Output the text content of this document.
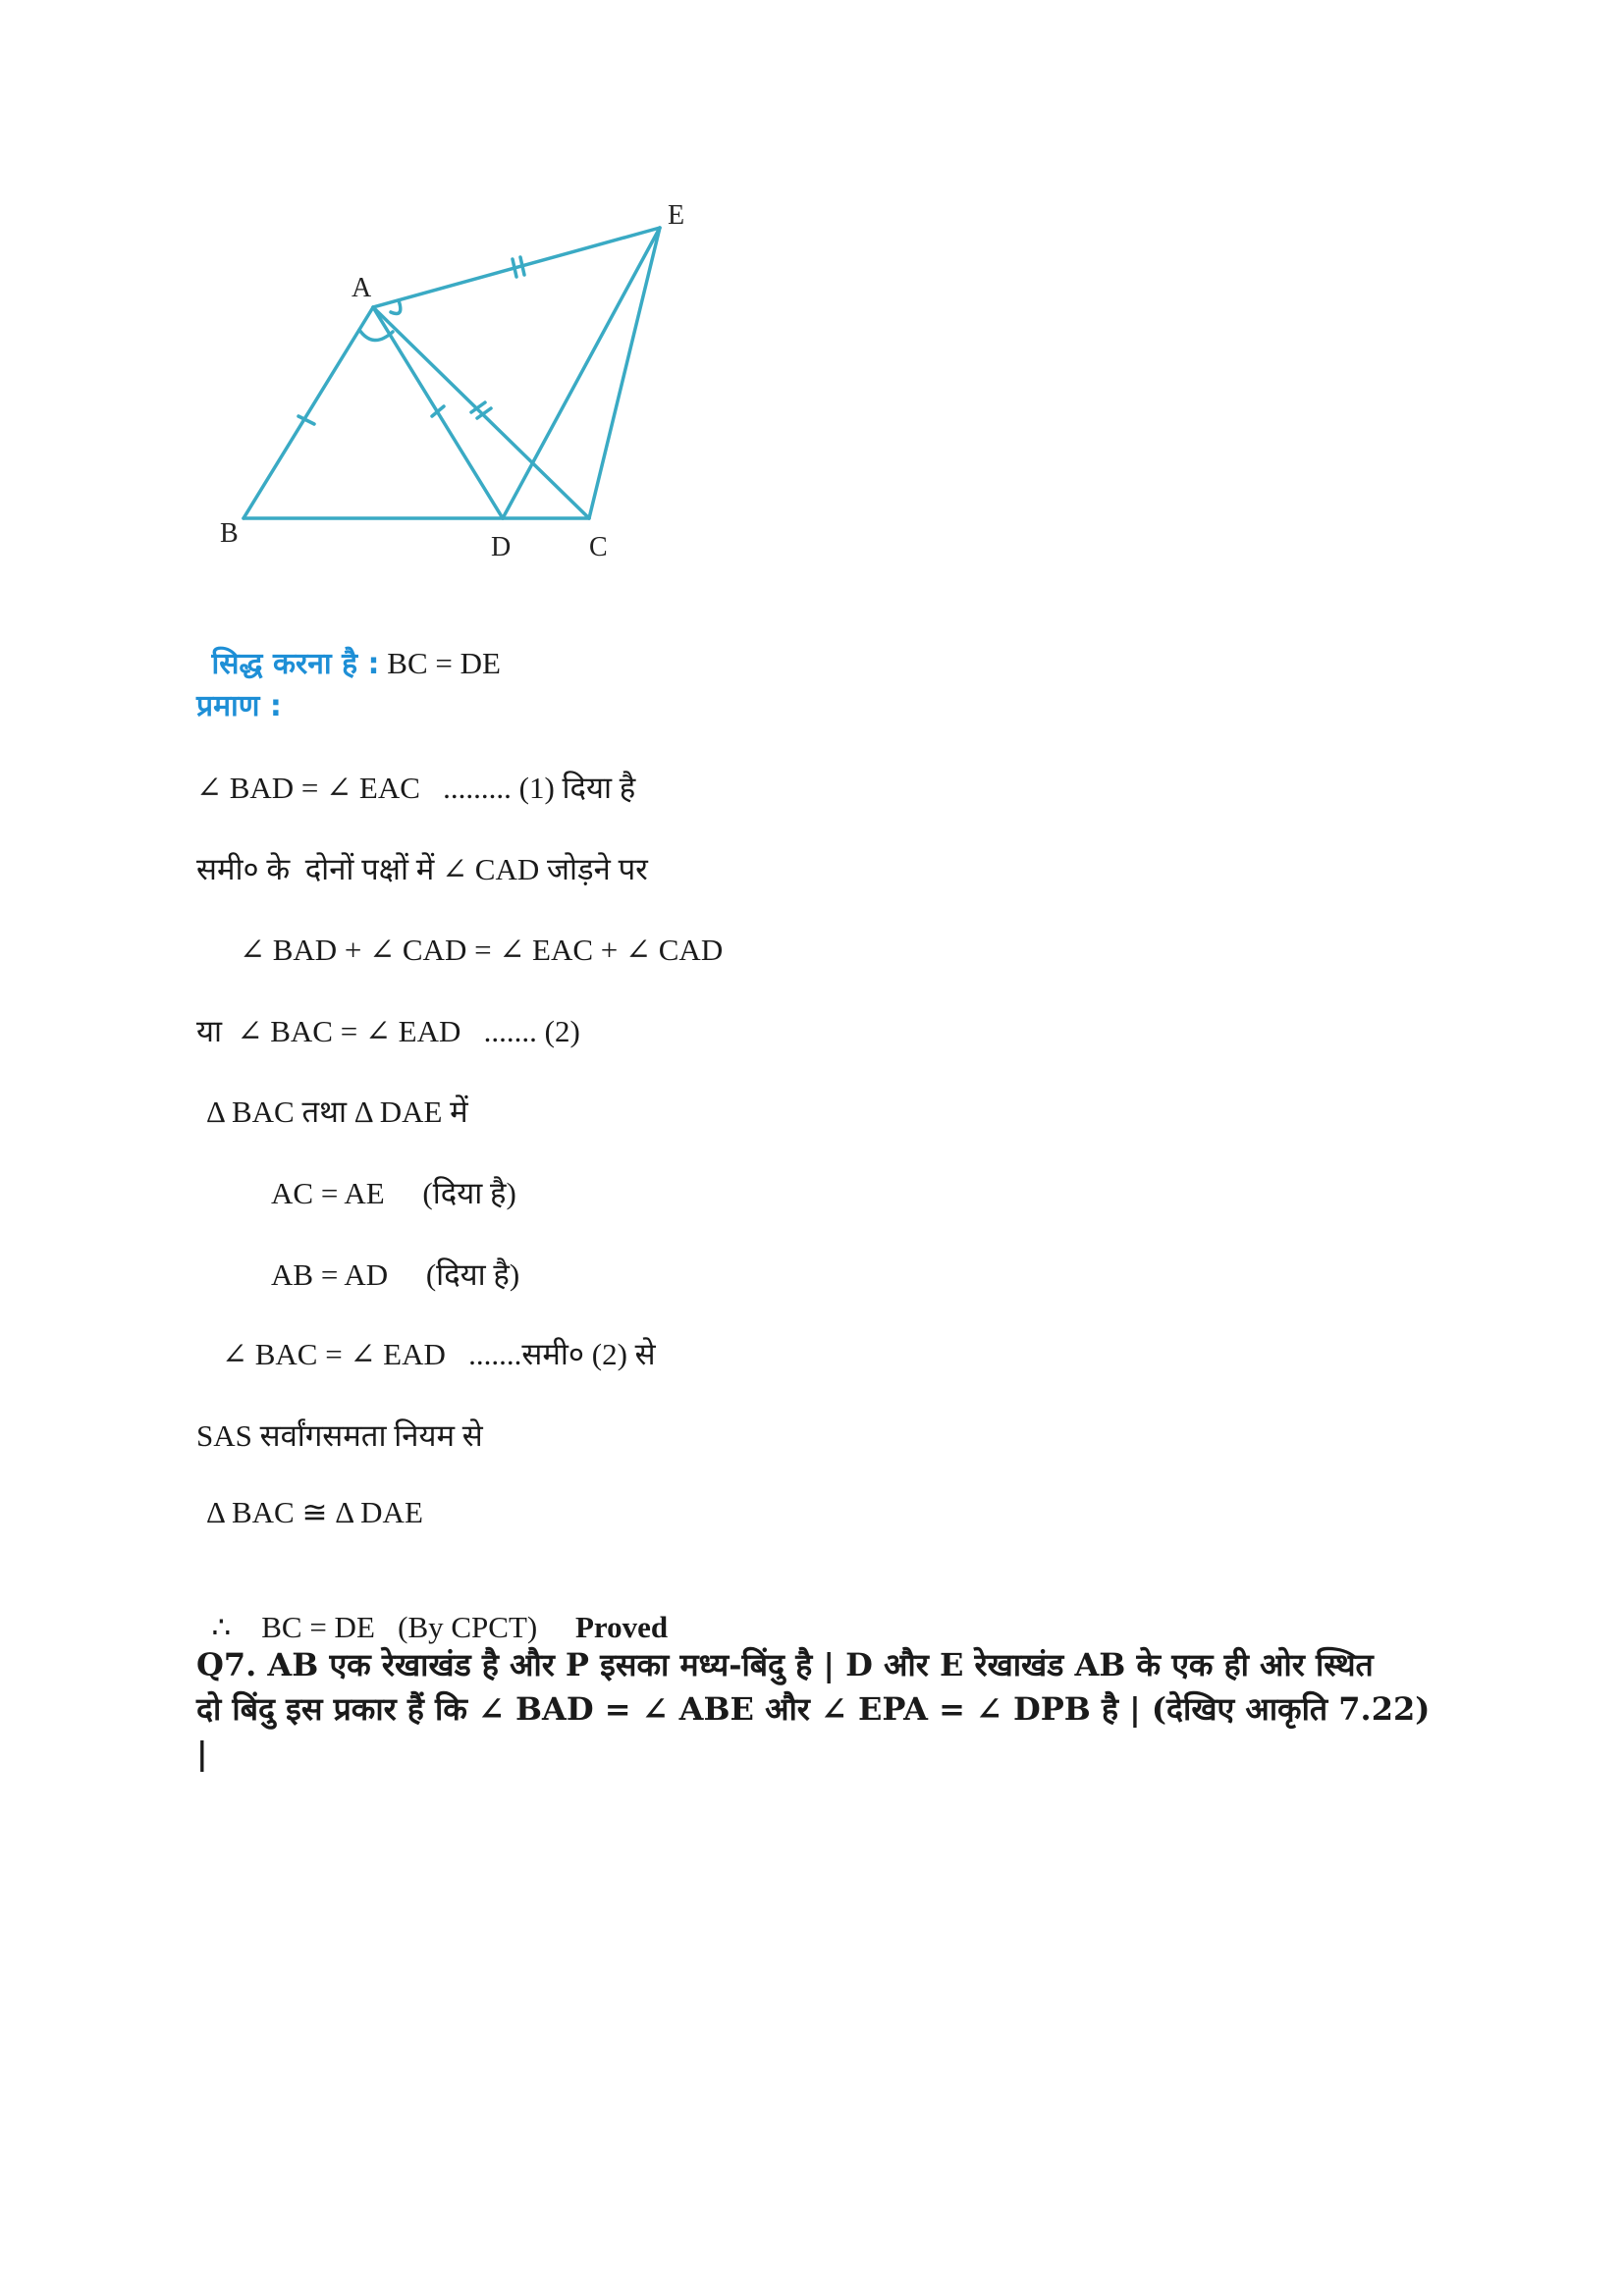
A
B	C
D
E

सिद्ध करना है : BC = DE

प्रमाण :
∠ BAD = ∠ EAC   ......... (1) दिया है
समी० के  दोनों पक्षों में ∠ CAD जोड़ने पर
∠ BAD + ∠ CAD = ∠ EAC + ∠ CAD
या  ∠ BAC = ∠ EAD   ....... (2)
Δ BAC तथा Δ DAE में
AC = AE     (दिया है)
AB = AD     (दिया है)
∠ BAC = ∠ EAD   .......समी० (2) से
SAS सर्वांगसमता नियम से
Δ BAC ≅ Δ DAE

∴    BC = DE   (By CPCT) Proved

Q7. AB एक रेखाखंड है और P इसका मध्य-बिंदु है | D और E रेखाखंड AB के एक ही ओर स्थित
दो बिंदु इस प्रकार हैं कि ∠ BAD = ∠ ABE और ∠ EPA = ∠ DPB है | (देखिए आकृति 7.22) |
